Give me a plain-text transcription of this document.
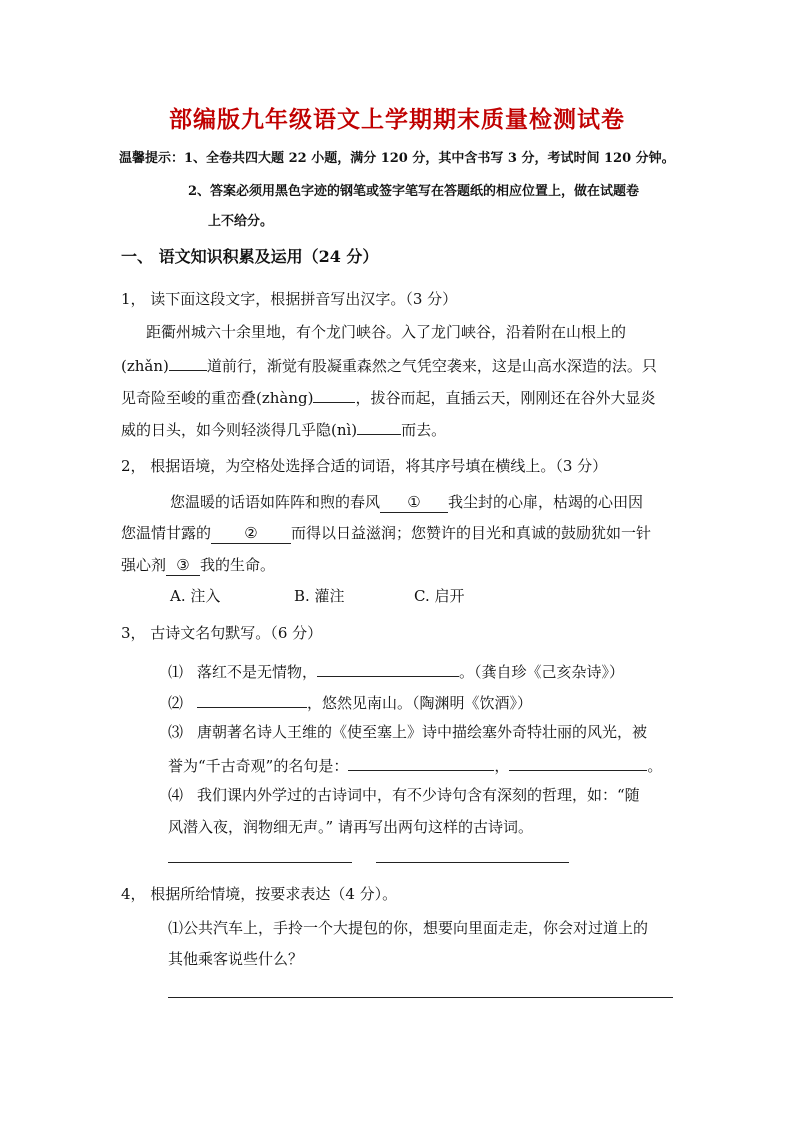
部编版九年级语文上学期期末质量检测试卷
温馨提示：1、全卷共四大题 22 小题，满分 120 分，其中含书写 3 分，考试时间 120 分钟。
2、答案必须用黑色字迹的钢笔或签字笔写在答题纸的相应位置上，做在试题卷
上不给分。
一、 语文知识积累及运用（24 分）
1， 读下面这段文字，根据拼音写出汉字。（3 分）
距衢州城六十余里地，有个龙门峡谷。入了龙门峡谷，沿着附在山根上的
(zhǎn)	道前行，渐觉有股凝重森然之气凭空袭来，这是山高水深造的法。只
见奇险至峻的重峦叠(zhàng)	，拔谷而起，直插云天，刚刚还在谷外大显炎
威的日头，如今则轻淡得几乎隐(nì)	而去。
2， 根据语境，为空格处选择合适的词语，将其序号填在横线上。（3 分）
您温暖的话语如阵阵和煦的春风 ① 我尘封的心扉，枯竭的心田因
您温情甘露的 ② 而得以日益滋润；您赞许的目光和真诚的鼓励犹如一针
强心剂 ③ 我的生命。
A. 注入	B. 灌注	C. 启开
3， 古诗文名句默写。（6 分）
⑴ 落红不是无情物，	。（龚自珍《己亥杂诗》）
⑵	，悠然见南山。（陶渊明《饮酒》）
⑶ 唐朝著名诗人王维的《使至塞上》诗中描绘塞外奇特壮丽的风光，被
誉为“千古奇观”的名句是：	，	。
⑷ 我们课内外学过的古诗词中，有不少诗句含有深刻的哲理，如：“随
风潜入夜，润物细无声。” 请再写出两句这样的古诗词。
4， 根据所给情境，按要求表达（4 分）。
⑴公共汽车上，手拎一个大提包的你，想要向里面走走，你会对过道上的
其他乘客说些什么？
